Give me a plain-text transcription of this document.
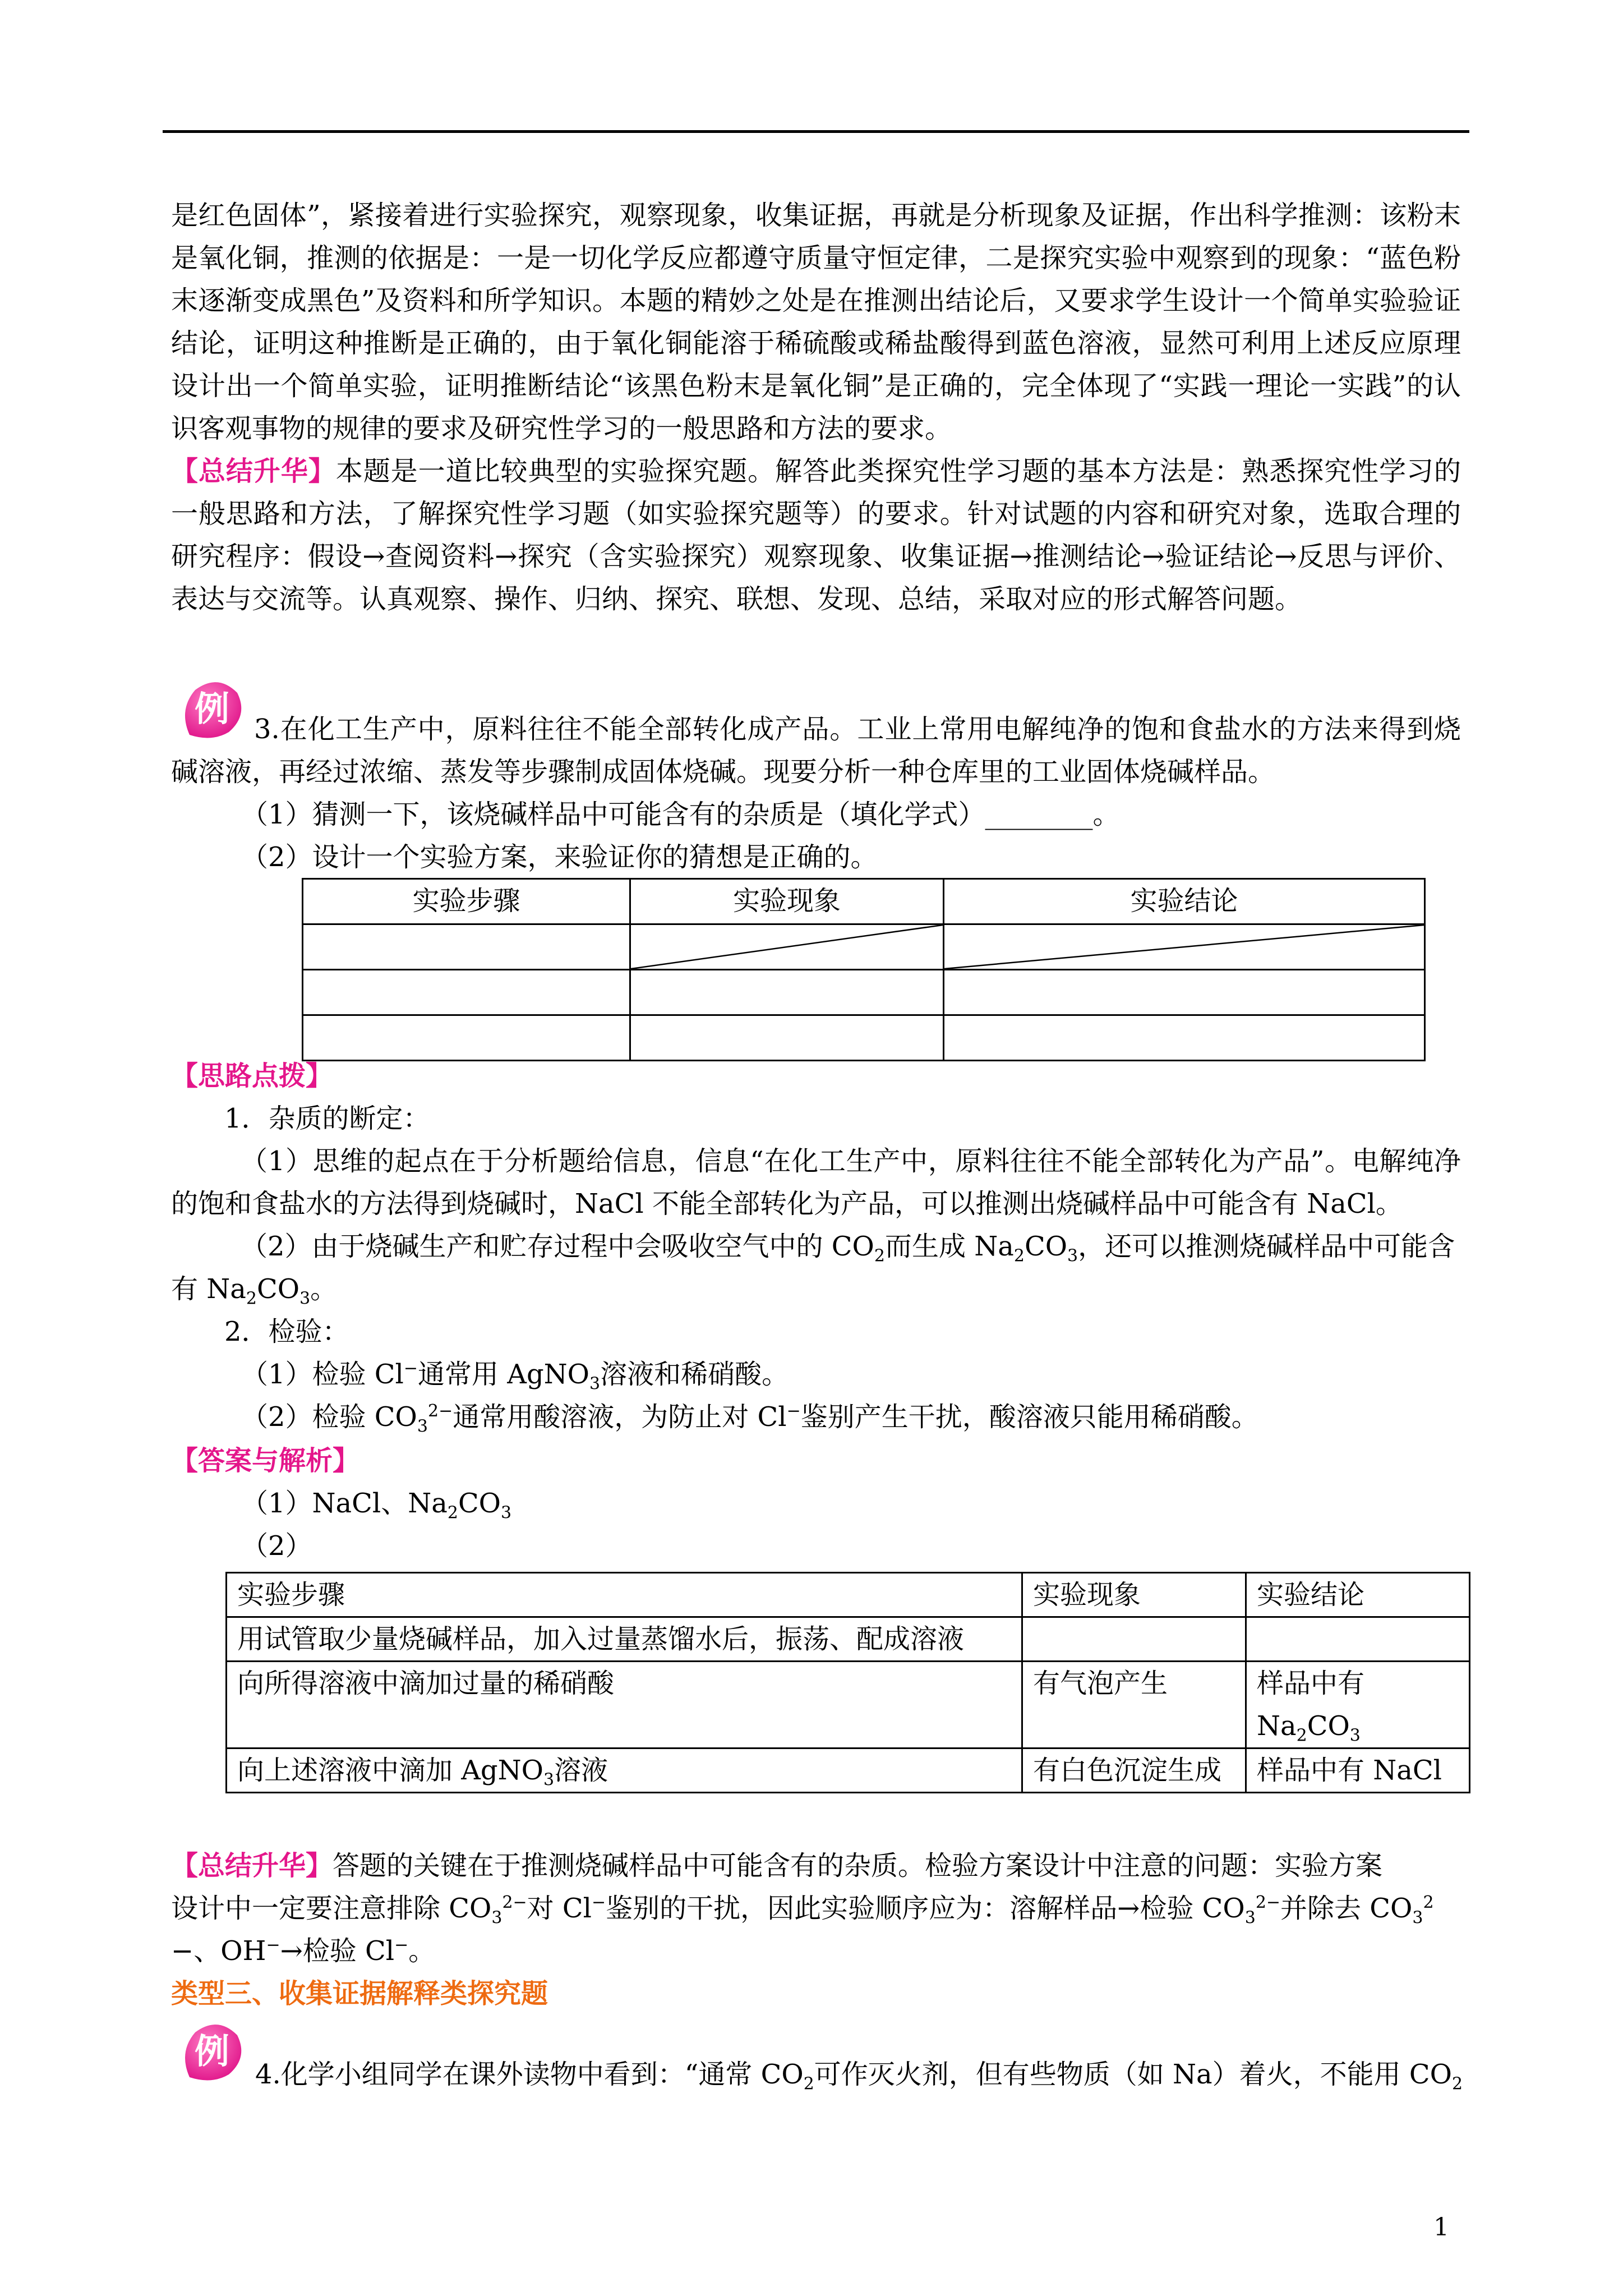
是红色固体”，紧接着进行实验探究，观察现象，收集证据，再就是分析现象及证据，作出科学推测：该粉末是氧化铜，推测的依据是：一是一切化学反应都遵守质量守恒定律，二是探究实验中观察到的现象：“蓝色粉末逐渐变成黑色”及资料和所学知识。本题的精妙之处是在推测出结论后，又要求学生设计一个简单实验验证结论，证明这种推断是正确的，由于氧化铜能溶于稀硫酸或稀盐酸得到蓝色溶液，显然可利用上述反应原理设计出一个简单实验，证明推断结论“该黑色粉末是氧化铜”是正确的，完全体现了“实践一理论一实践”的认识客观事物的规律的要求及研究性学习的一般思路和方法的要求。
【总结升华】本题是一道比较典型的实验探究题。解答此类探究性学习题的基本方法是：熟悉探究性学习的一般思路和方法，了解探究性学习题（如实验探究题等）的要求。针对试题的内容和研究对象，选取合理的研究程序：假设→查阅资料→探究（含实验探究）观察现象、收集证据→推测结论→验证结论→反思与评价、表达与交流等。认真观察、操作、归纳、探究、联想、发现、总结，采取对应的形式解答问题。
例 3.在化工生产中，原料往往不能全部转化成产品。工业上常用电解纯净的饱和食盐水的方法来得到烧碱溶液，再经过浓缩、蒸发等步骤制成固体烧碱。现要分析一种仓库里的工业固体烧碱样品。
（1）猜测一下，该烧碱样品中可能含有的杂质是（填化学式）________。
（2）设计一个实验方案，来验证你的猜想是正确的。
实验步骤	实验现象	实验结论

【思路点拨】
1．杂质的断定：
（1）思维的起点在于分析题给信息，信息“在化工生产中，原料往往不能全部转化为产品”。电解纯净的饱和食盐水的方法得到烧碱时，NaCl 不能全部转化为产品，可以推测出烧碱样品中可能含有 NaCl。
（2）由于烧碱生产和贮存过程中会吸收空气中的 $CO_2$而生成 $Na_2CO_3$，还可以推测烧碱样品中可能含
有 $Na_2CO_3$。
2．检验：
（1）检验 Cl−通常用 AgNO$_3$溶液和稀硝酸。
（2）检验 $CO_3^{2-}$通常用酸溶液，为防止对 Cl−鉴别产生干扰，酸溶液只能用稀硝酸。
【答案与解析】
（1）NaCl、$Na_2CO_3$
（2）
实验步骤	实验现象	实验结论
用试管取少量烧碱样品，加入过量蒸馏水后，振荡、配成溶液		
向所得溶液中滴加过量的稀硝酸	有气泡产生	样品中有 $Na_2CO_3$
向上述溶液中滴加 AgNO$_3$溶液	有白色沉淀生成	样品中有 NaCl
【总结升华】答题的关键在于推测烧碱样品中可能含有的杂质。检验方案设计中注意的问题：实验方案
设计中一定要注意排除 $CO_3^{2-}$对 Cl−鉴别的干扰，因此实验顺序应为：溶解样品→检验 $CO_3^{2-}$并除去 $CO_3^2$
−、OH−→检验 Cl−。
类型三、收集证据解释类探究题
例
4.化学小组同学在课外读物中看到：“通常 $CO_2$可作灭火剂，但有些物质（如 Na）着火，不能用 $CO_2$
1
